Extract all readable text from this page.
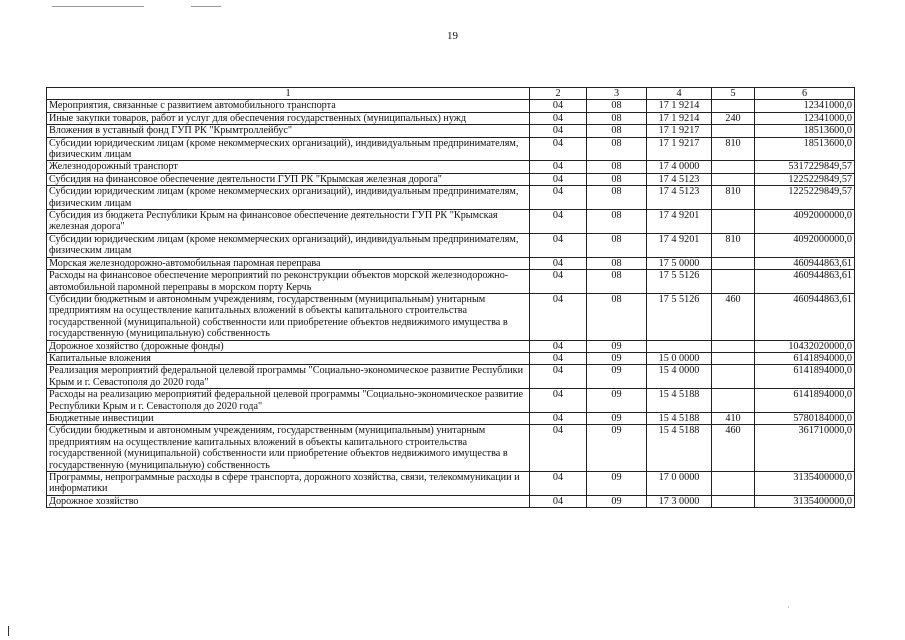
19
1	2	3	4	5	6
Мероприятия, связанные с развитием автомобильного транспорта	04	08	17 1 9214		12341000,0
Иные закупки товаров, работ и услуг для обеспечения государственных (муниципальных) нужд	04	08	17 1 9214	240	12341000,0
Вложения в уставный фонд ГУП РК "Крымтроллейбус"	04	08	17 1 9217		18513600,0
Субсидии юридическим лицам (кроме некоммерческих организаций), индивидуальным предпринимателям, физическим лицам	04	08	17 1 9217	810	18513600,0
Железнодорожный транспорт	04	08	17 4 0000		5317229849,57
Субсидия на финансовое обеспечение деятельности ГУП РК "Крымская железная дорога"	04	08	17 4 5123		1225229849,57
Субсидии юридическим лицам (кроме некоммерческих организаций), индивидуальным предпринимателям, физическим лицам	04	08	17 4 5123	810	1225229849,57
Субсидия из бюджета Республики Крым на финансовое обеспечение деятельности ГУП РК "Крымская железная дорога"	04	08	17 4 9201		4092000000,0
Субсидии юридическим лицам (кроме некоммерческих организаций), индивидуальным предпринимателям, физическим лицам	04	08	17 4 9201	810	4092000000,0
Морская железнодорожно-автомобильная паромная переправа	04	08	17 5 0000		460944863,61
Расходы на финансовое обеспечение мероприятий по реконструкции объектов морской железнодорожно-автомобильной паромной переправы в морском порту Керчь	04	08	17 5 5126		460944863,61
Субсидии бюджетным и автономным учреждениям, государственным (муниципальным) унитарным предприятиям на осуществление капитальных вложений в объекты капитального строительства государственной (муниципальной) собственности или приобретение объектов недвижимого имущества в государственную (муниципальную) собственность	04	08	17 5 5126	460	460944863,61
Дорожное хозяйство (дорожные фонды)	04	09			10432020000,0
Капитальные вложения	04	09	15 0 0000		6141894000,0
Реализация мероприятий федеральной целевой программы "Социально-экономическое развитие Республики Крым и г. Севастополя до 2020 года"	04	09	15 4 0000		6141894000,0
Расходы на реализацию мероприятий федеральной целевой программы "Социально-экономическое развитие Республики Крым и г. Севастополя до 2020 года"	04	09	15 4 5188		6141894000,0
Бюджетные инвестиции	04	09	15 4 5188	410	5780184000,0
Субсидии бюджетным и автономным учреждениям, государственным (муниципальным) унитарным предприятиям на осуществление капитальных вложений в объекты капитального строительства государственной (муниципальной) собственности или приобретение объектов недвижимого имущества в государственную (муниципальную) собственность	04	09	15 4 5188	460	361710000,0
Программы, непрограммные расходы в сфере транспорта, дорожного хозяйства, связи, телекоммуникации и информатики	04	09	17 0 0000		3135400000,0
Дорожное хозяйство	04	09	17 3 0000		3135400000,0
·
